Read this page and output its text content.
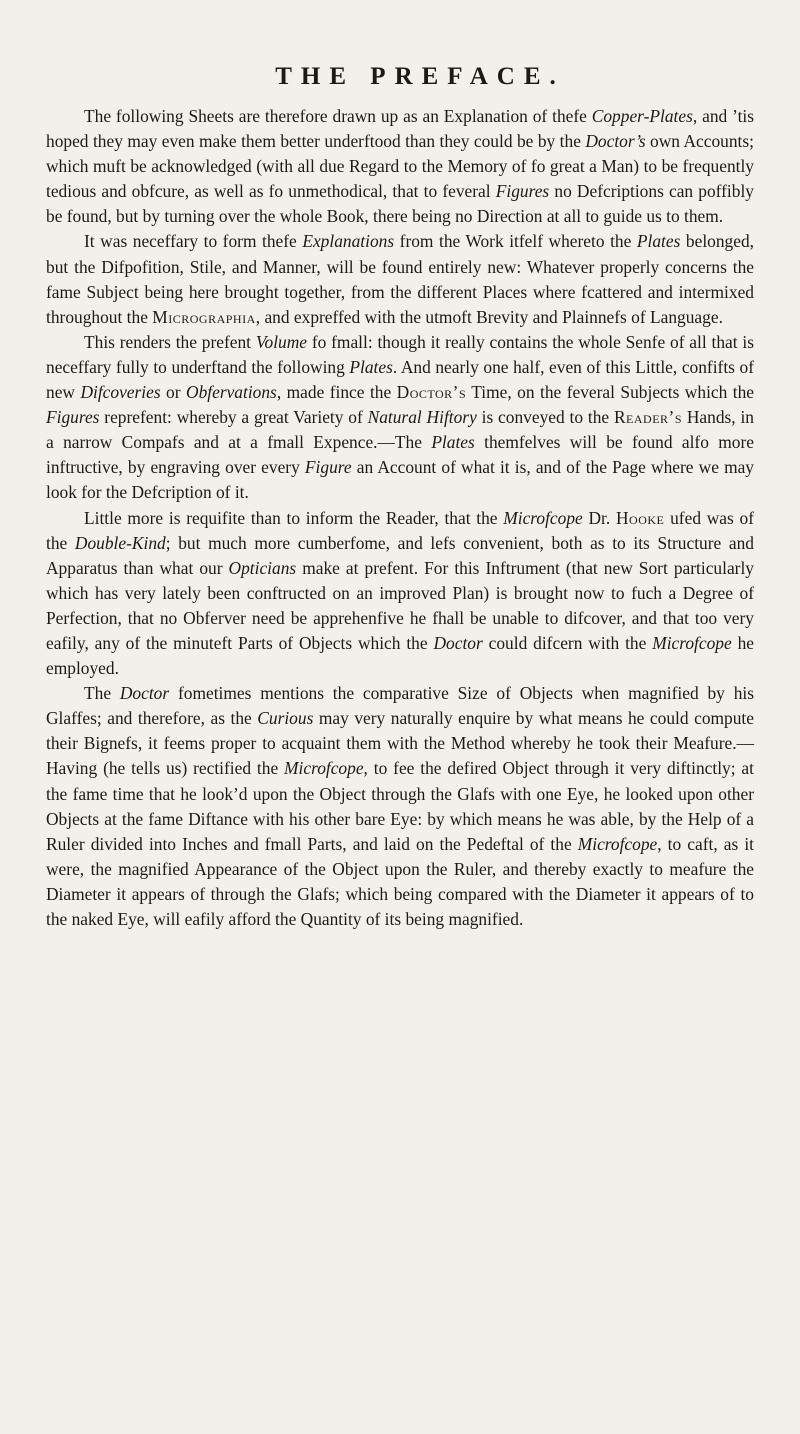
THE PREFACE.

The following Sheets are therefore drawn up as an Explanation of thefe Copper-Plates, and ’tis hoped they may even make them better underftood than they could be by the Doctor’s own Accounts; which muft be acknowledged (with all due Regard to the Memory of fo great a Man) to be frequently tedious and obfcure, as well as fo unmethodical, that to feveral Figures no Defcriptions can poffibly be found, but by turning over the whole Book, there being no Direction at all to guide us to them.

It was neceffary to form thefe Explanations from the Work itfelf whereto the Plates belonged, but the Difpofition, Stile, and Manner, will be found entirely new: Whatever properly concerns the fame Subject being here brought together, from the different Places where fcattered and intermixed throughout the Micrographia, and expreffed with the utmoft Brevity and Plainnefs of Language.

This renders the prefent Volume fo fmall: though it really contains the whole Senfe of all that is neceffary fully to underftand the following Plates. And nearly one half, even of this Little, confifts of new Difcoveries or Obfervations, made fince the Doctor’s Time, on the feveral Subjects which the Figures reprefent: whereby a great Variety of Natural Hiftory is conveyed to the Reader’s Hands, in a narrow Compafs and at a fmall Expence.—The Plates themfelves will be found alfo more inftructive, by engraving over every Figure an Account of what it is, and of the Page where we may look for the Defcription of it.

Little more is requifite than to inform the Reader, that the Microfcope Dr. Hooke ufed was of the Double-Kind; but much more cumberfome, and lefs convenient, both as to its Structure and Apparatus than what our Opticians make at prefent. For this Inftrument (that new Sort particularly which has very lately been conftructed on an improved Plan) is brought now to fuch a Degree of Perfection, that no Obferver need be apprehenfive he fhall be unable to difcover, and that too very eafily, any of the minuteft Parts of Objects which the Doctor could difcern with the Microfcope he employed.

The Doctor fometimes mentions the comparative Size of Objects when magnified by his Glaffes; and therefore, as the Curious may very naturally enquire by what means he could compute their Bignefs, it feems proper to acquaint them with the Method whereby he took their Meafure.—Having (he tells us) rectified the Microfcope, to fee the defired Object through it very diftinctly; at the fame time that he look’d upon the Object through the Glafs with one Eye, he looked upon other Objects at the fame Diftance with his other bare Eye: by which means he was able, by the Help of a Ruler divided into Inches and fmall Parts, and laid on the Pedeftal of the Microfcope, to caft, as it were, the magnified Appearance of the Object upon the Ruler, and thereby exactly to meafure the Diameter it appears of through the Glafs; which being compared with the Diameter it appears of to the naked Eye, will eafily afford the Quantity of its being magnified.
